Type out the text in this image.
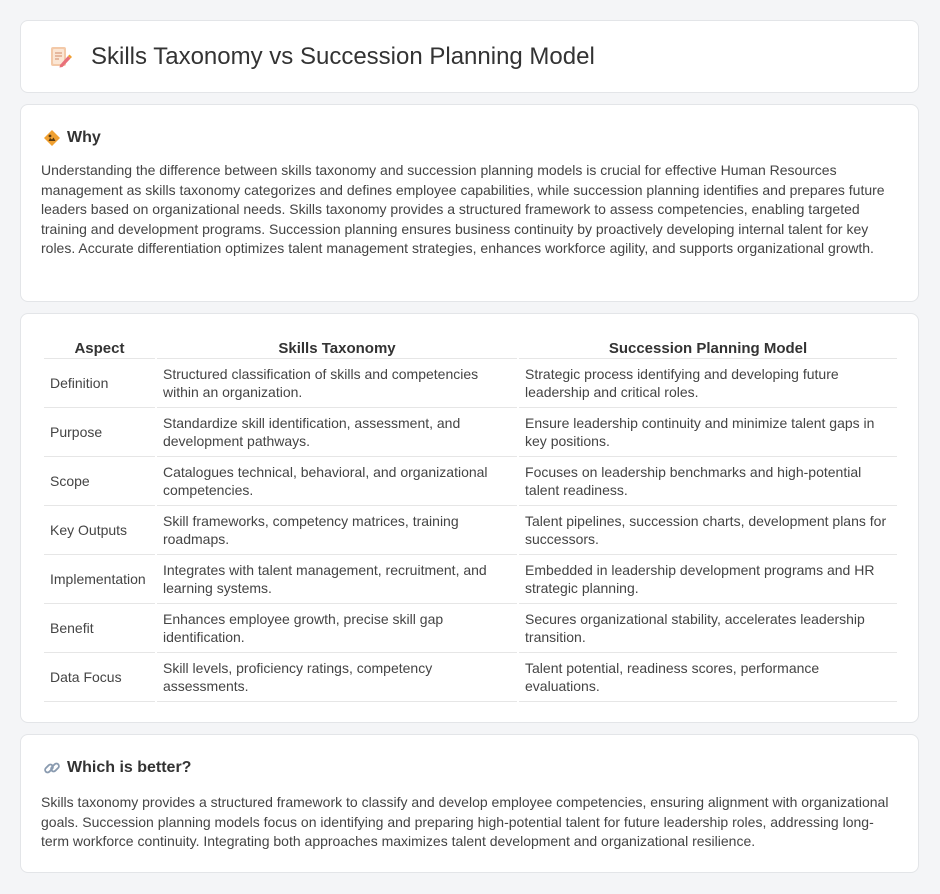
Skills Taxonomy vs Succession Planning Model
Why

Understanding the difference between skills taxonomy and succession planning models is crucial for effective Human Resources management as skills taxonomy categorizes and defines employee capabilities, while succession planning identifies and prepares future leaders based on organizational needs. Skills taxonomy provides a structured framework to assess competencies, enabling targeted training and development programs. Succession planning ensures business continuity by proactively developing internal talent for key roles. Accurate differentiation optimizes talent management strategies, enhances workforce agility, and supports organizational growth.

Aspect	Skills Taxonomy	Succession Planning Model
Definition	Structured classification of skills and competencies within an organization.	Strategic process identifying and developing future leadership and critical roles.
Purpose	Standardize skill identification, assessment, and development pathways.	Ensure leadership continuity and minimize talent gaps in key positions.
Scope	Catalogues technical, behavioral, and organizational competencies.	Focuses on leadership benchmarks and high-potential talent readiness.
Key Outputs	Skill frameworks, competency matrices, training roadmaps.	Talent pipelines, succession charts, development plans for successors.
Implementation	Integrates with talent management, recruitment, and learning systems.	Embedded in leadership development programs and HR strategic planning.
Benefit	Enhances employee growth, precise skill gap identification.	Secures organizational stability, accelerates leadership transition.
Data Focus	Skill levels, proficiency ratings, competency assessments.	Talent potential, readiness scores, performance evaluations.
Which is better?

Skills taxonomy provides a structured framework to classify and develop employee competencies, ensuring alignment with organizational goals. Succession planning models focus on identifying and preparing high-potential talent for future leadership roles, addressing long-term workforce continuity. Integrating both approaches maximizes talent development and organizational resilience.
